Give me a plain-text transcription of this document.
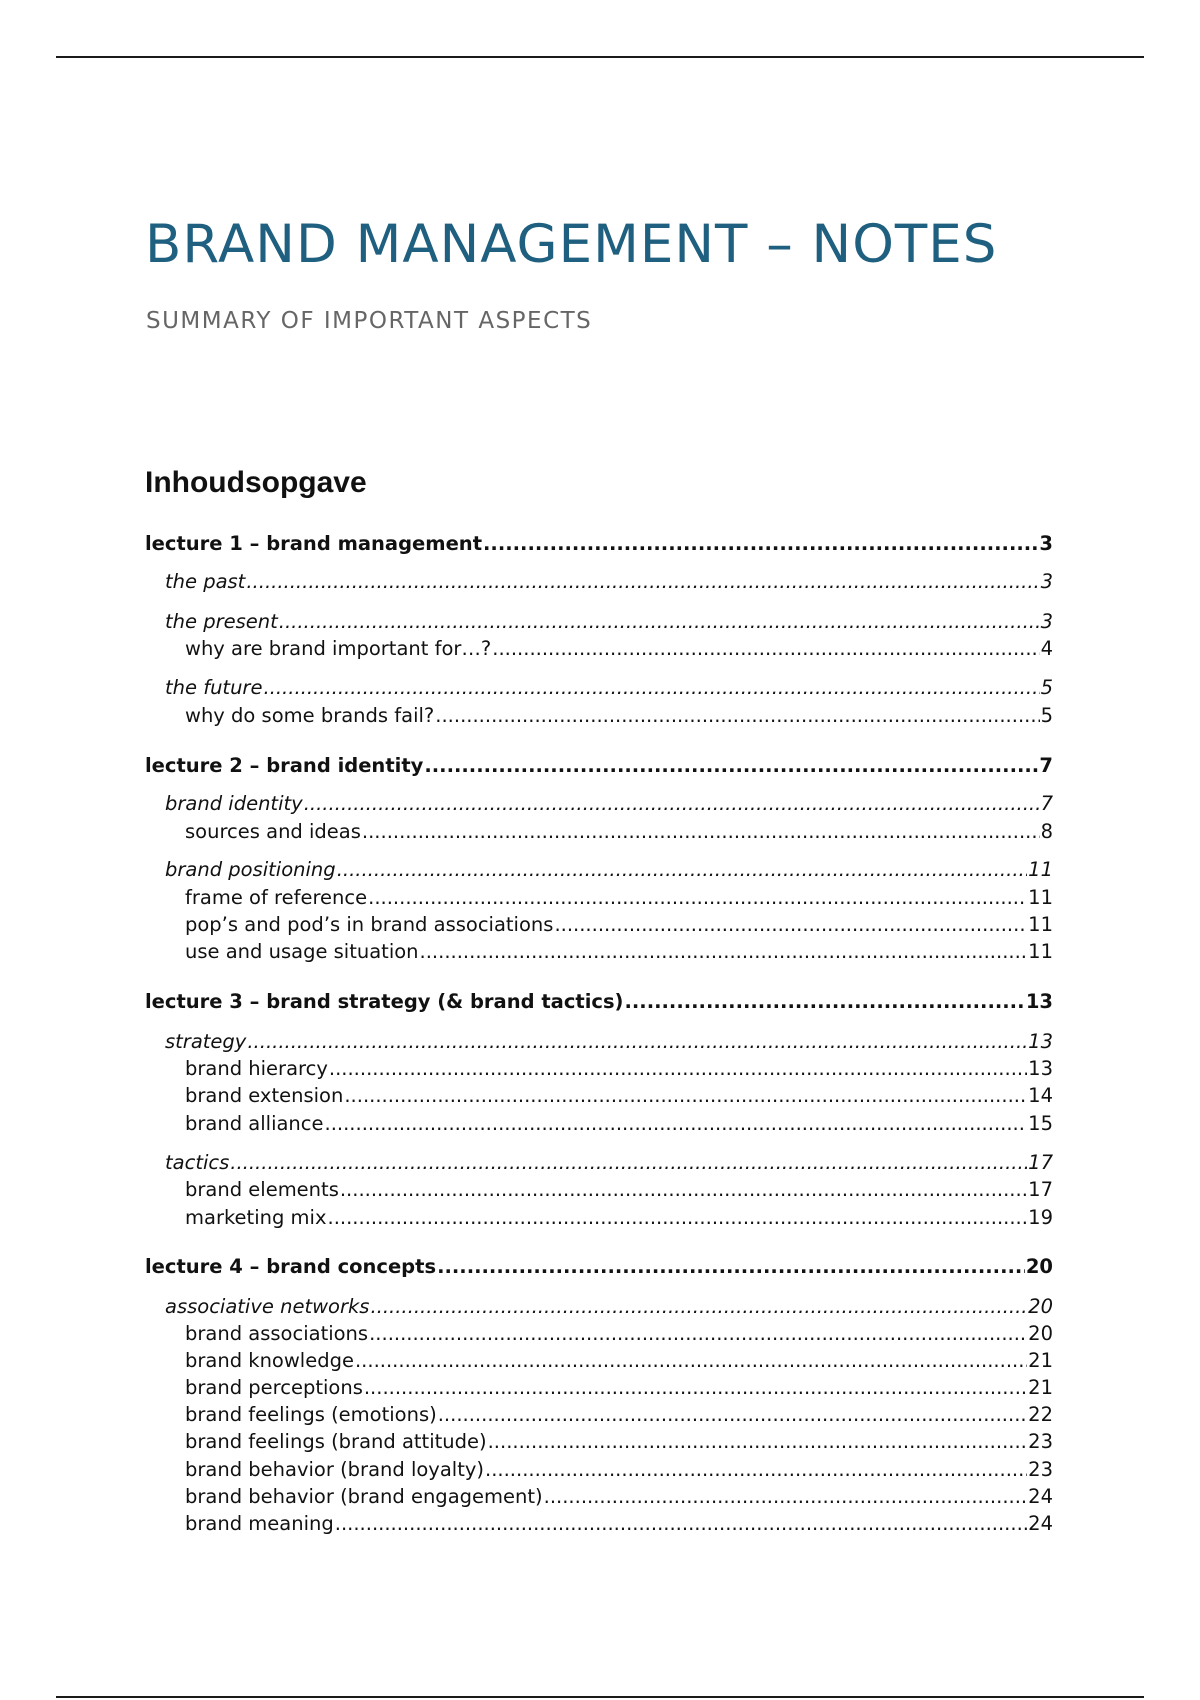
BRAND MANAGEMENT – NOTES
SUMMARY OF IMPORTANT ASPECTS
Inhoudsopgave
lecture 1 – brand management .....	3
the past .....	3
the present .....	3
why are brand important for…? .....	4
the future .....	5
why do some brands fail? .....	5
lecture 2 – brand identity .....	7
brand identity .....	7
sources and ideas .....	8
brand positioning .....	11
frame of reference .....	11
pop’s and pod’s in brand associations .....	11
use and usage situation .....	11
lecture 3 – brand strategy (& brand tactics) .....	13
strategy .....	13
brand hierarcy .....	13
brand extension .....	14
brand alliance .....	15
tactics .....	17
brand elements .....	17
marketing mix .....	19
lecture 4 – brand concepts .....	20
associative networks .....	20
brand associations .....	20
brand knowledge .....	21
brand perceptions .....	21
brand feelings (emotions) .....	22
brand feelings (brand attitude) .....	23
brand behavior (brand loyalty) .....	23
brand behavior (brand engagement) .....	24
brand meaning .....	24
